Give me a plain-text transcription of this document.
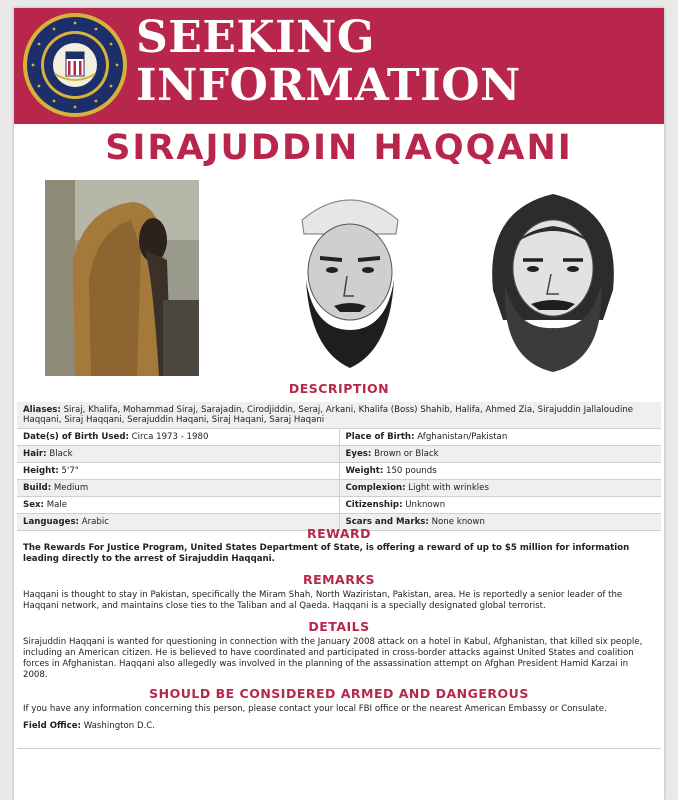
SEEKING
INFORMATION
SIRAJUDDIN HAQQANI
DESCRIPTION
Aliases: Siraj, Khalifa, Mohammad Siraj, Sarajadin, Cirodjiddin, Seraj, Arkani, Khalifa (Boss) Shahib, Halifa, Ahmed Zia, Sirajuddin Jallaloudine Haqqani, Siraj Haqqani, Serajuddin Haqani, Siraj Haqani, Saraj Haqani
Date(s) of Birth Used: Circa 1973 - 1980	Place of Birth: Afghanistan/Pakistan
Hair: Black	Eyes: Brown or Black
Height: 5'7"	Weight: 150 pounds
Build: Medium	Complexion: Light with wrinkles
Sex: Male	Citizenship: Unknown
Languages: Arabic	Scars and Marks: None known
REWARD
The Rewards For Justice Program, United States Department of State, is offering a reward of up to $5 million for information leading directly to the arrest of Sirajuddin Haqqani.
REMARKS
Haqqani is thought to stay in Pakistan, specifically the Miram Shah, North Waziristan, Pakistan, area. He is reportedly a senior leader of the Haqqani network, and maintains close ties to the Taliban and al Qaeda. Haqqani is a specially designated global terrorist.
DETAILS
Sirajuddin Haqqani is wanted for questioning in connection with the January 2008 attack on a hotel in Kabul, Afghanistan, that killed six people, including an American citizen. He is believed to have coordinated and participated in cross-border attacks against United States and coalition forces in Afghanistan. Haqqani also allegedly was involved in the planning of the assassination attempt on Afghan President Hamid Karzai in 2008.
SHOULD BE CONSIDERED ARMED AND DANGEROUS
If you have any information concerning this person, please contact your local FBI office or the nearest American Embassy or Consulate.
Field Office: Washington D.C.
